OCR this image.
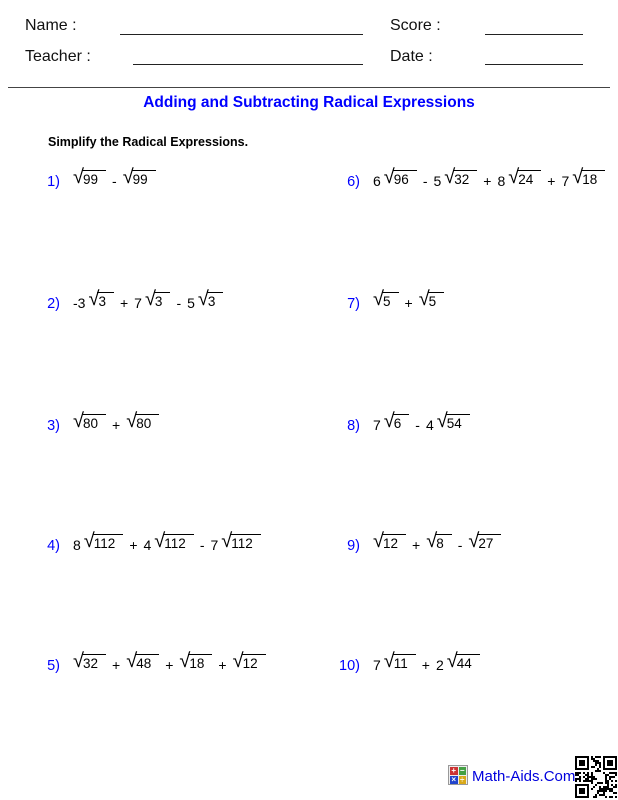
Name :	Score :
Teacher :	Date :
Adding and Subtracting Radical Expressions
Simplify the Radical Expressions.
1) √ 99	- √ 99
2) -3 √ 3	+ 7 √ 3	- 5 √ 3
3) √ 80	+ √ 80
4) 8 √ 112	+ 4 √ 112	- 7 √ 112
5) √ 32	+ √ 48	+ √ 18	+ √ 12
6) 6 √ 96	- 5 √ 32	+ 8 √ 24	+ 7 √ 18
7) √ 5	+ √ 5
8) 7 √ 6	- 4 √ 54
9) √ 12	+ √ 8	- √ 27
10) 7 √ 11	+ 2 √ 44
+ −
× ÷ Math-Aids.Com
